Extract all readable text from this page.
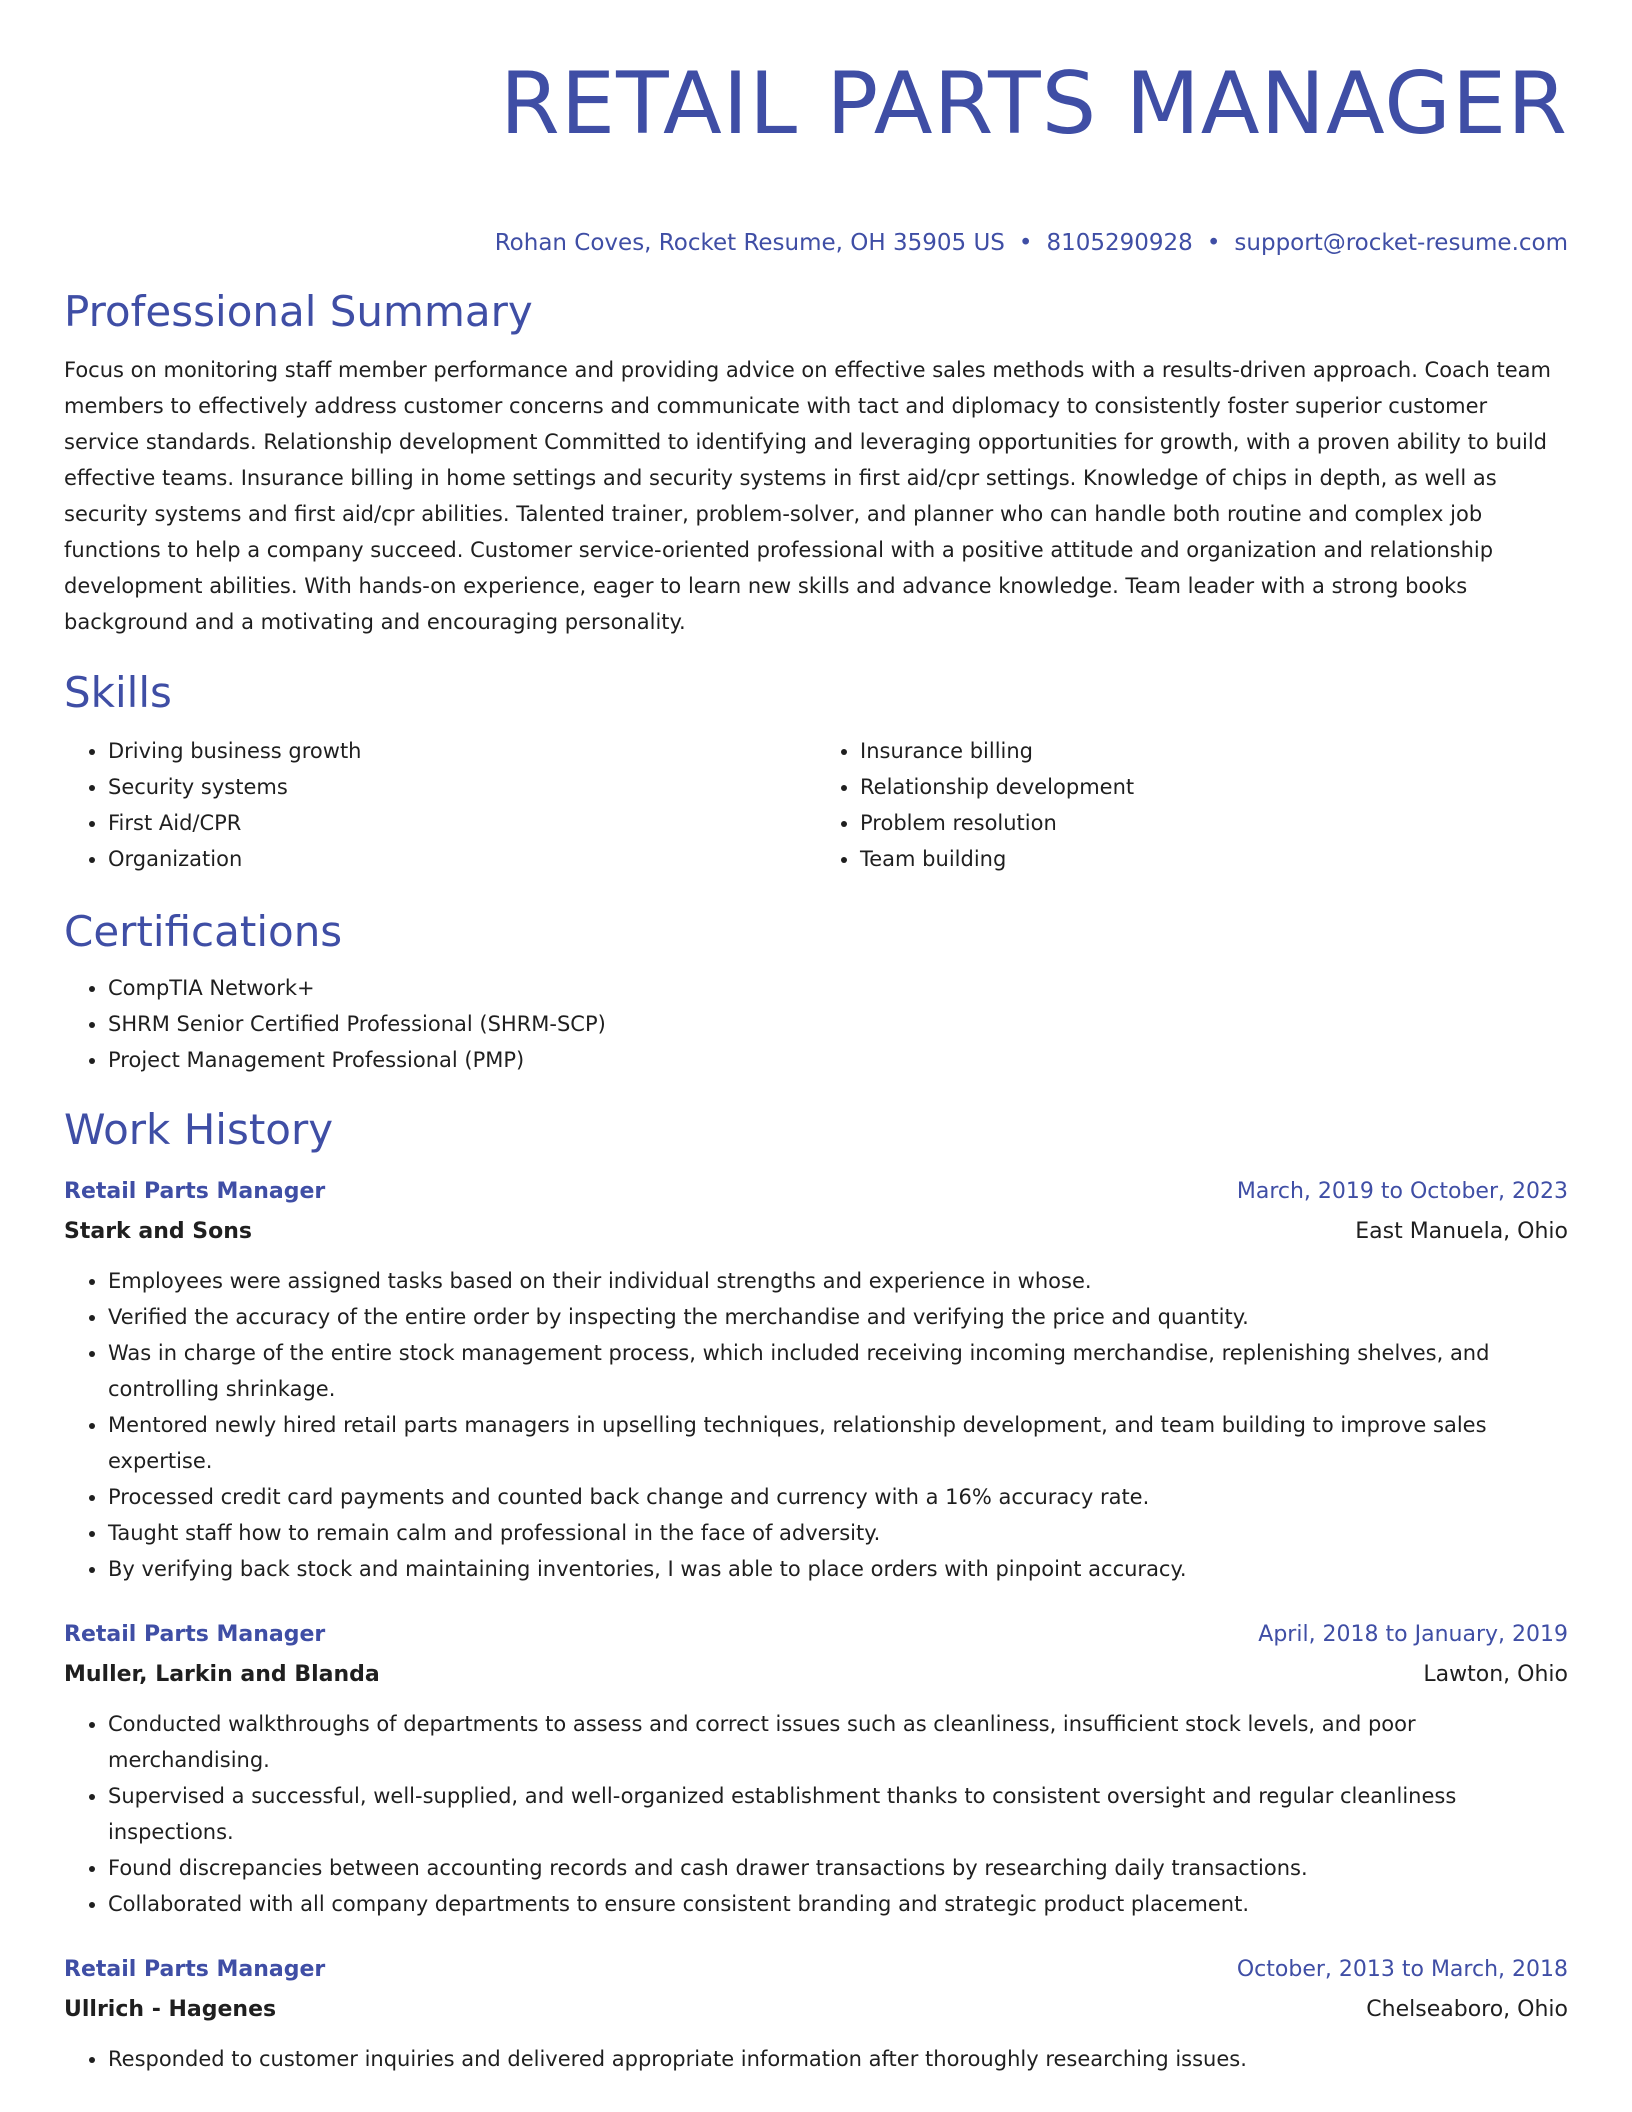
RETAIL PARTS MANAGER
Rohan Coves, Rocket Resume, OH 35905 US • 8105290928 • support@rocket-resume.com
Professional Summary

Focus on monitoring staff member performance and providing advice on effective sales methods with a results-driven approach. Coach team members to effectively address customer concerns and communicate with tact and diplomacy to consistently foster superior customer service standards. Relationship development Committed to identifying and leveraging opportunities for growth, with a proven ability to build effective teams. Insurance billing in home settings and security systems in first aid/cpr settings. Knowledge of chips in depth, as well as security systems and first aid/cpr abilities. Talented trainer, problem-solver, and planner who can handle both routine and complex job functions to help a company succeed. Customer service-oriented professional with a positive attitude and organization and relationship development abilities. With hands-on experience, eager to learn new skills and advance knowledge. Team leader with a strong books background and a motivating and encouraging personality.

Skills
• Driving business growth
• Security systems
• First Aid/CPR
• Organization
• Insurance billing
• Relationship development
• Problem resolution
• Team building
Certifications
• CompTIA Network+
• SHRM Senior Certified Professional (SHRM-SCP)
• Project Management Professional (PMP)
Work History
Retail Parts Manager	March, 2019 to October, 2023
Stark and Sons	East Manuela, Ohio
• Employees were assigned tasks based on their individual strengths and experience in whose.
• Verified the accuracy of the entire order by inspecting the merchandise and verifying the price and quantity.
• Was in charge of the entire stock management process, which included receiving incoming merchandise, replenishing shelves, and controlling shrinkage.
• Mentored newly hired retail parts managers in upselling techniques, relationship development, and team building to improve sales expertise.
• Processed credit card payments and counted back change and currency with a 16% accuracy rate.
• Taught staff how to remain calm and professional in the face of adversity.
• By verifying back stock and maintaining inventories, I was able to place orders with pinpoint accuracy.
Retail Parts Manager	April, 2018 to January, 2019
Muller, Larkin and Blanda	Lawton, Ohio
• Conducted walkthroughs of departments to assess and correct issues such as cleanliness, insufficient stock levels, and poor merchandising.
• Supervised a successful, well-supplied, and well-organized establishment thanks to consistent oversight and regular cleanliness inspections.
• Found discrepancies between accounting records and cash drawer transactions by researching daily transactions.
• Collaborated with all company departments to ensure consistent branding and strategic product placement.
Retail Parts Manager	October, 2013 to March, 2018
Ullrich - Hagenes	Chelseaboro, Ohio
• Responded to customer inquiries and delivered appropriate information after thoroughly researching issues.
